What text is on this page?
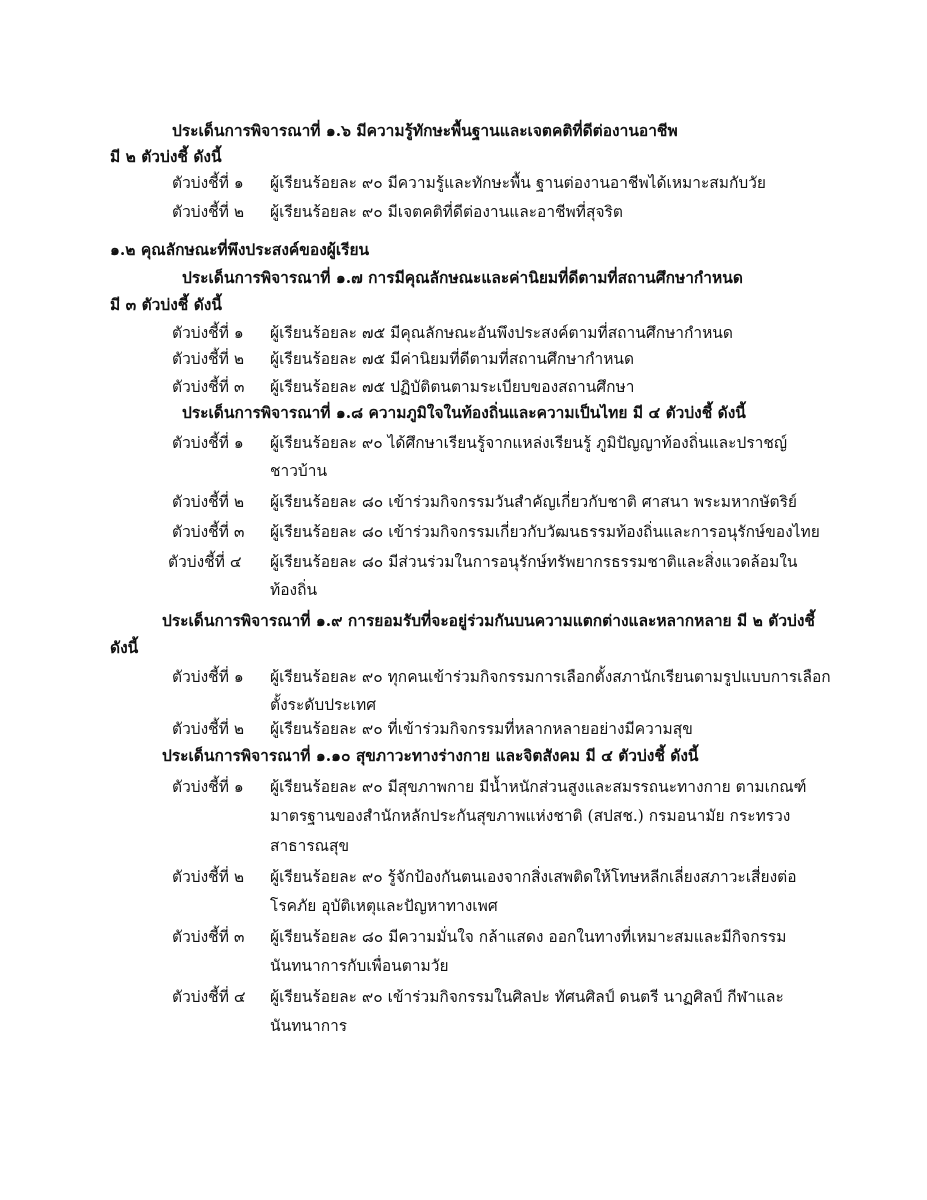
ประเด็นการพิจารณาที่ ๑.๖ มีความรู้ทักษะพื้นฐานและเจตคติที่ดีต่องานอาชีพ
มี ๒ ตัวบ่งชี้ ดังนี้
ตัวบ่งชี้ที่ ๑ ผู้เรียนร้อยละ ๙๐ มีความรู้และทักษะพื้น ฐานต่องานอาชีพได้เหมาะสมกับวัย
ตัวบ่งชี้ที่ ๒ ผู้เรียนร้อยละ ๙๐ มีเจตคติที่ดีต่องานและอาชีพที่สุจริต
๑.๒ คุณลักษณะที่พึงประสงค์ของผู้เรียน
ประเด็นการพิจารณาที่ ๑.๗ การมีคุณลักษณะและค่านิยมที่ดีตามที่สถานศึกษากำหนด
มี ๓ ตัวบ่งชี้ ดังนี้
ตัวบ่งชี้ที่ ๑ ผู้เรียนร้อยละ ๗๕ มีคุณลักษณะอันพึงประสงค์ตามที่สถานศึกษากำหนด
ตัวบ่งชี้ที่ ๒ ผู้เรียนร้อยละ ๗๕ มีค่านิยมที่ดีตามที่สถานศึกษากำหนด
ตัวบ่งชี้ที่ ๓ ผู้เรียนร้อยละ ๗๕ ปฏิบัติตนตามระเบียบของสถานศึกษา
ประเด็นการพิจารณาที่ ๑.๘ ความภูมิใจในท้องถิ่นและความเป็นไทย มี ๔ ตัวบ่งชี้ ดังนี้
ตัวบ่งชี้ที่ ๑ ผู้เรียนร้อยละ ๙๐ ได้ศึกษาเรียนรู้จากแหล่งเรียนรู้ ภูมิปัญญาท้องถิ่นและปราชญ์
ชาวบ้าน
ตัวบ่งชี้ที่ ๒ ผู้เรียนร้อยละ ๘๐ เข้าร่วมกิจกรรมวันสำคัญเกี่ยวกับชาติ ศาสนา พระมหากษัตริย์
ตัวบ่งชี้ที่ ๓ ผู้เรียนร้อยละ ๘๐ เข้าร่วมกิจกรรมเกี่ยวกับวัฒนธรรมท้องถิ่นและการอนุรักษ์ของไทย
ตัวบ่งชี้ที่ ๔ ผู้เรียนร้อยละ ๘๐ มีส่วนร่วมในการอนุรักษ์ทรัพยากรธรรมชาติและสิ่งแวดล้อมใน
ท้องถิ่น
ประเด็นการพิจารณาที่ ๑.๙ การยอมรับที่จะอยู่ร่วมกันบนความแตกต่างและหลากหลาย มี ๒ ตัวบ่งชี้
ดังนี้
ตัวบ่งชี้ที่ ๑ ผู้เรียนร้อยละ ๙๐ ทุกคนเข้าร่วมกิจกรรมการเลือกตั้งสภานักเรียนตามรูปแบบการเลือก
ตั้งระดับประเทศ
ตัวบ่งชี้ที่ ๒ ผู้เรียนร้อยละ ๙๐ ที่เข้าร่วมกิจกรรมที่หลากหลายอย่างมีความสุข
ประเด็นการพิจารณาที่ ๑.๑๐ สุขภาวะทางร่างกาย และจิตสังคม มี ๔ ตัวบ่งชี้ ดังนี้
ตัวบ่งชี้ที่ ๑ ผู้เรียนร้อยละ ๙๐ มีสุขภาพกาย มีน้ำหนักส่วนสูงและสมรรถนะทางกาย ตามเกณฑ์
มาตรฐานของสำนักหลักประกันสุขภาพแห่งชาติ (สปสช.) กรมอนามัย กระทรวง
สาธารณสุข
ตัวบ่งชี้ที่ ๒ ผู้เรียนร้อยละ ๙๐ รู้จักป้องกันตนเองจากสิ่งเสพติดให้โทษหลีกเลี่ยงสภาวะเสี่ยงต่อ
โรคภัย อุบัติเหตุและปัญหาทางเพศ
ตัวบ่งชี้ที่ ๓ ผู้เรียนร้อยละ ๘๐ มีความมั่นใจ กล้าแสดง ออกในทางที่เหมาะสมและมีกิจกรรม
นันทนาการกับเพื่อนตามวัย
ตัวบ่งชี้ที่ ๔ ผู้เรียนร้อยละ ๙๐ เข้าร่วมกิจกรรมในศิลปะ ทัศนศิลป์ ดนตรี นาฏศิลป์ กีฬาและ
นันทนาการ
